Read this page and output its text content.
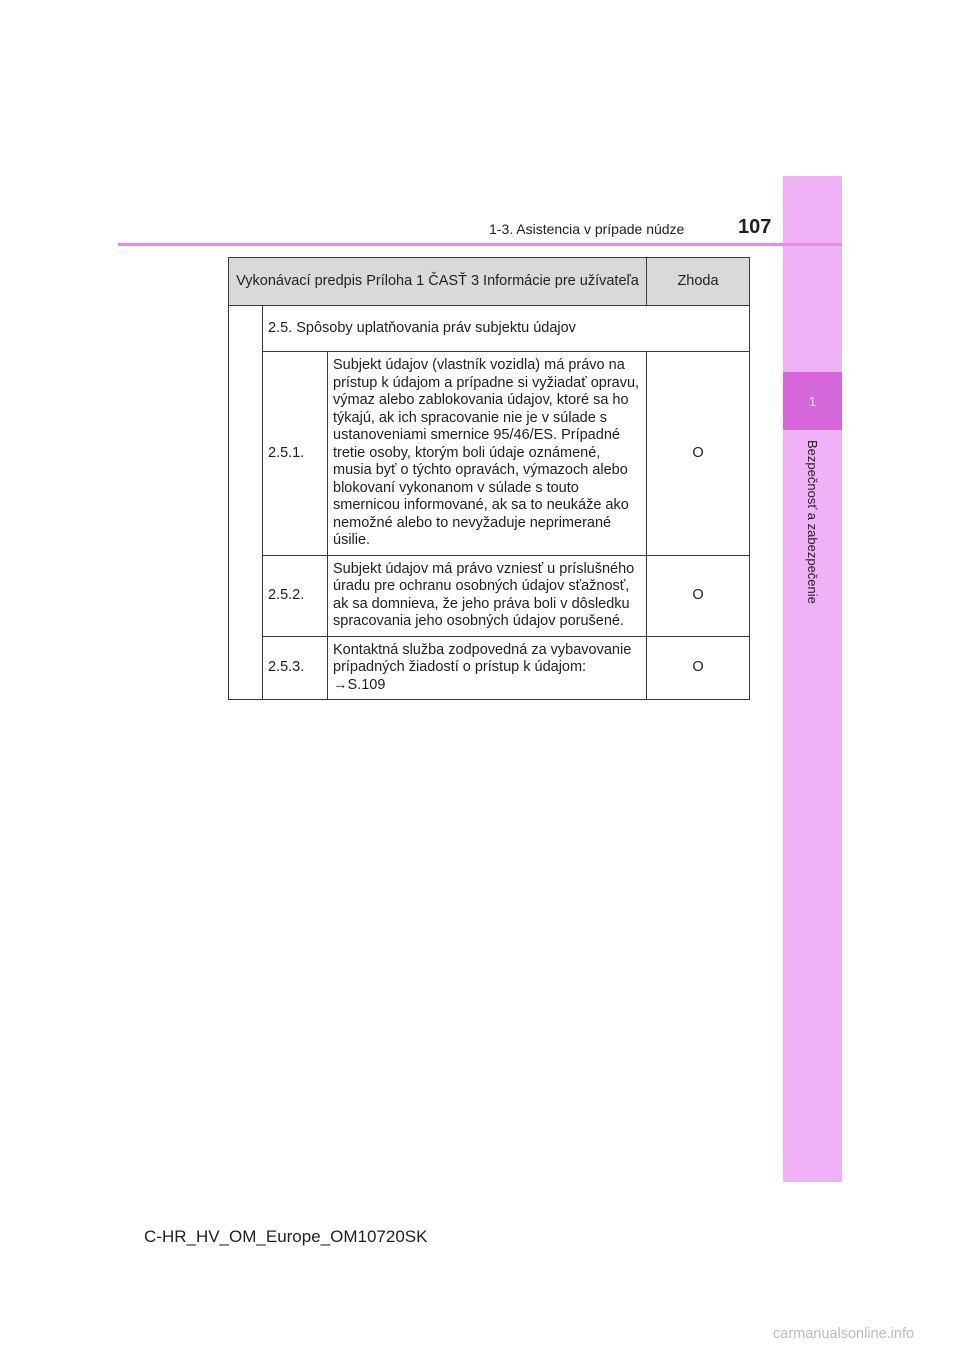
1
Bezpečnosť a zabezpečenie
1-3. Asistencia v prípade núdze	107
Vykonávací predpis Príloha 1 ČASŤ 3 Informácie pre užívateľa			Zhoda
	2.5. Spôsoby uplatňovania práv subjektu údajov		
	2.5.1.	Subjekt údajov (vlastník vozidla) má právo na prístup k údajom a prípadne si vyžiadať opravu, výmaz alebo zablokovania údajov, ktoré sa ho týkajú, ak ich spracovanie nie je v súlade s ustanoveniami smernice 95/46/ES. Prípadné tretie osoby, ktorým boli údaje oznámené, musia byť o týchto opravách, výmazoch alebo blokovaní vykonanom v súlade s touto smernicou informované, ak sa to neukáže ako nemožné alebo to nevyžaduje neprimerané úsilie.	O
	2.5.2.	Subjekt údajov má právo vzniesť u príslušného úradu pre ochranu osobných údajov sťažnosť, ak sa domnieva, že jeho práva boli v dôsledku spracovania jeho osobných údajov porušené.	O
	2.5.3.	Kontaktná služba zodpovedná za vybavovanie prípadných žiadostí o prístup k údajom:
→S.109	O
C-HR_HV_OM_Europe_OM10720SK
carmanualsonline.info
